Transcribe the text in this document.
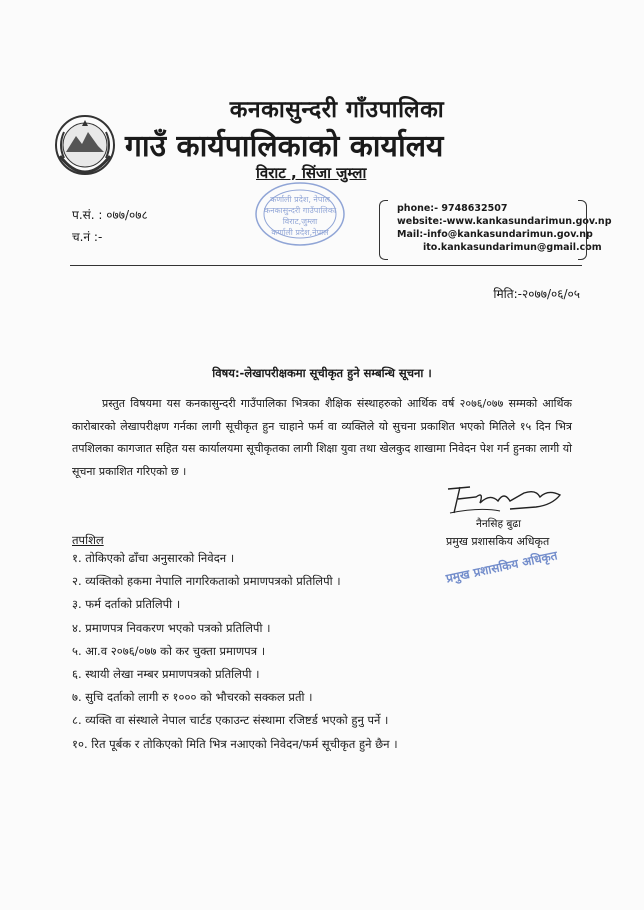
कनकासुन्दरी गाँउपालिका
गाउँ कार्यपालिकाको कार्यालय
विराट , सिंजा जुम्ला
कर्णाली प्रदेश, नेपाल
कनकासुन्दरी गाउँपालिका
विराट,जुम्ला
कर्णाली प्रदेश,नेपाल
प.सं. : ०७७/०७८
च.नं :-
phone:- 9748632507
website:-www.kankasundarimun.gov.np
Mail:-info@kankasundarimun.gov.np
ito.kankasundarimun@gmail.com
मिति:-२०७७/०६/०५
विषय:-लेखापरीक्षकमा सूचीकृत हुने सम्बन्धि सूचना ।
प्रस्तुत विषयमा यस कनकासुन्दरी गाउँपालिका भित्रका शैक्षिक संस्थाहरुको आर्थिक वर्ष २०७६/०७७ सम्मको आर्थिक कारोबारको लेखापरीक्षण गर्नका लागी सूचीकृत हुन चाहाने फर्म वा व्यक्तिले यो सुचना प्रकाशित भएको मितिले १५ दिन भित्र तपशिलका कागजात सहित यस कार्यालयमा सूचीकृतका लागी शिक्षा युवा तथा खेलकुद शाखामा निवेदन पेश गर्न हुनका लागी यो सूचना प्रकाशित गरिएको छ ।
नैनसिह बुढा
प्रमुख प्रशासकिय अधिकृत
प्रमुख प्रशासकिय अधिकृत
तपशिल
१. तोकिएको ढाँचा अनुसारको निवेदन ।
२. व्यक्तिको हकमा नेपालि नागरिकताको प्रमाणपत्रको प्रतिलिपी ।
३. फर्म दर्ताको प्रतिलिपी ।
४. प्रमाणपत्र निवकरण भएको पत्रको प्रतिलिपी ।
५. आ.व २०७६/०७७ को कर चुक्ता प्रमाणपत्र ।
६. स्थायी लेखा नम्बर प्रमाणपत्रको प्रतिलिपी ।
७. सुचि दर्ताको लागी रु १००० को भौचरको सक्कल प्रती ।
८. व्यक्ति वा संस्थाले नेपाल चार्टड एकाउन्ट संस्थामा रजिष्टर्ड भएको हुनु पर्ने ।
१०. रित पूर्बक र तोकिएको मिति भित्र नआएको निवेदन/फर्म सूचीकृत हुने छैन ।
